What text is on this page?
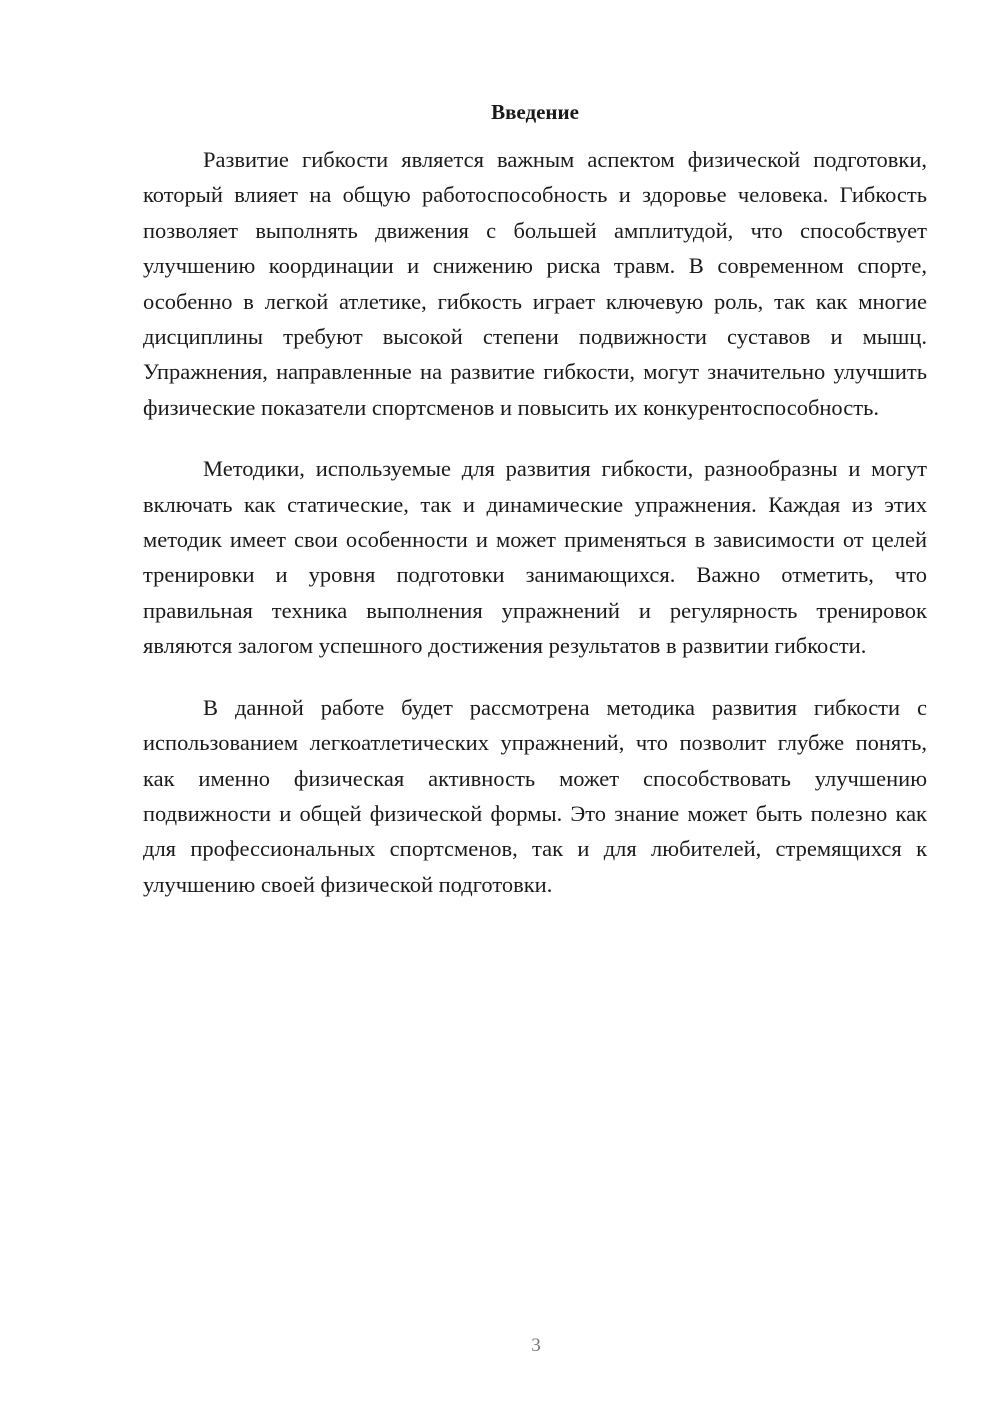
Введение

Развитие гибкости является важным аспектом физической подготовки, который влияет на общую работоспособность и здоровье человека. Гибкость позволяет выполнять движения с большей амплитудой, что способствует улучшению координации и снижению риска травм. В современном спорте, особенно в легкой атлетике, гибкость играет ключевую роль, так как многие дисциплины требуют высокой степени подвижности суставов и мышц. Упражнения, направленные на развитие гибкости, могут значительно улучшить физические показатели спортсменов и повысить их конкурентоспособность.

Методики, используемые для развития гибкости, разнообразны и могут включать как статические, так и динамические упражнения. Каждая из этих методик имеет свои особенности и может применяться в зависимости от целей тренировки и уровня подготовки занимающихся. Важно отметить, что правильная техника выполнения упражнений и регулярность тренировок являются залогом успешного достижения результатов в развитии гибкости.

В данной работе будет рассмотрена методика развития гибкости с использованием легкоатлетических упражнений, что позволит глубже понять, как именно физическая активность может способствовать улучшению подвижности и общей физической формы. Это знание может быть полезно как для профессиональных спортсменов, так и для любителей, стремящихся к улучшению своей физической подготовки.

3
